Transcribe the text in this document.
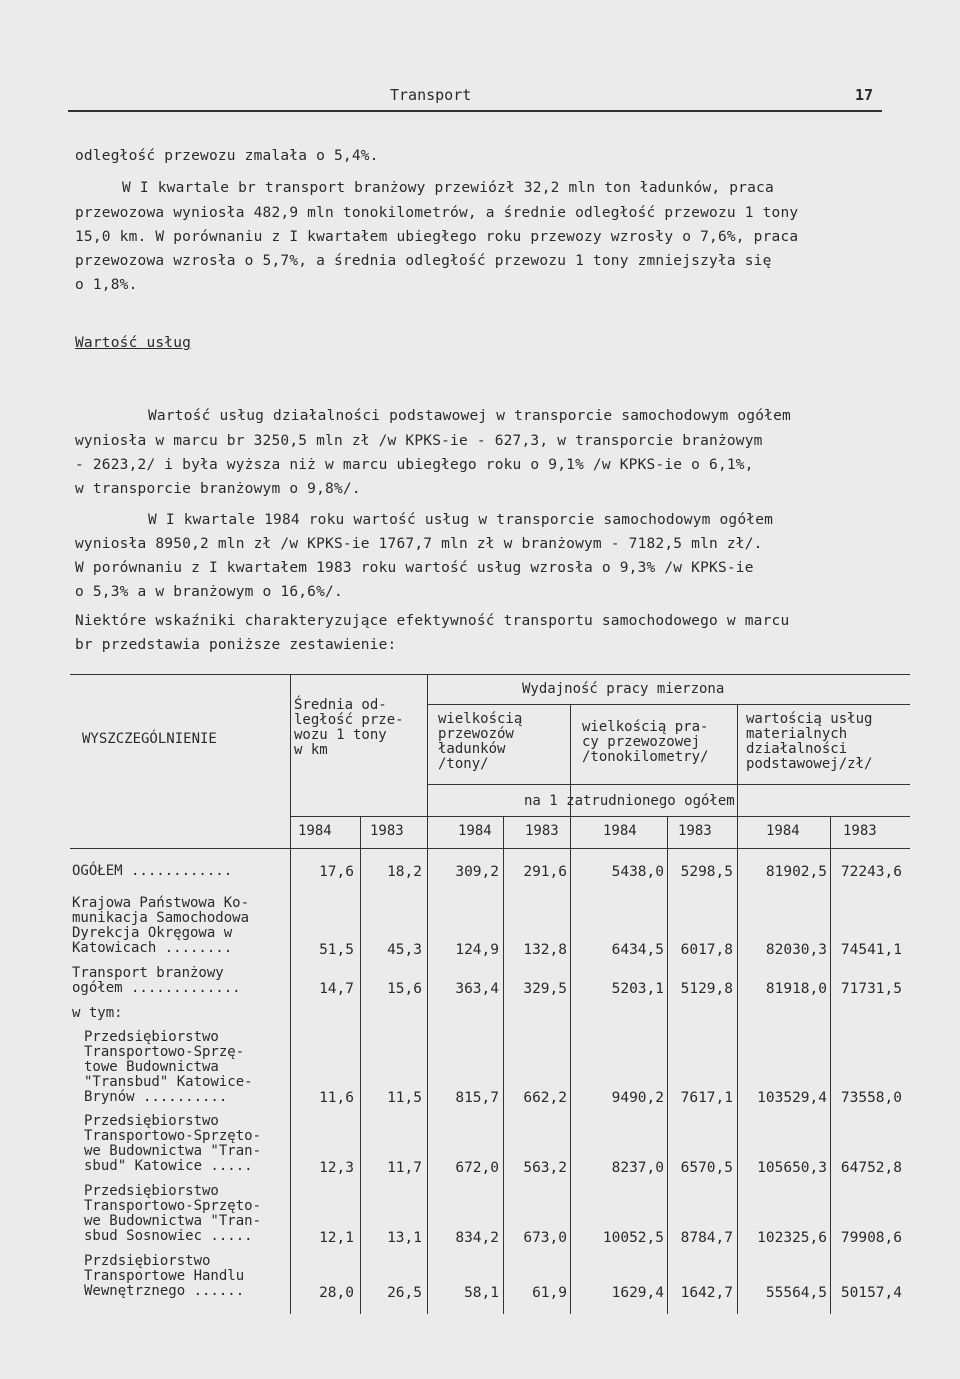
Transport	17
odległość przewozu zmalała o 5,4%.
W I kwartale br transport branżowy przewiózł 32,2 mln ton ładunków, praca
przewozowa wyniosła 482,9 mln tonokilometrów, a średnie odległość przewozu 1 tony
15,0 km. W porównaniu z I kwartałem ubiegłego roku przewozy wzrosły o 7,6%, praca
przewozowa wzrosła o 5,7%, a średnia odległość przewozu 1 tony zmniejszyła się
o 1,8%.
Wartość usług
Wartość usług działalności podstawowej w transporcie samochodowym ogółem
wyniosła w marcu br 3250,5 mln zł /w KPKS-ie - 627,3, w transporcie branżowym
- 2623,2/ i była wyższa niż w marcu ubiegłego roku o 9,1% /w KPKS-ie o 6,1%,
w transporcie branżowym o 9,8%/.
W I kwartale 1984 roku wartość usług w transporcie samochodowym ogółem
wyniosła 8950,2 mln zł /w KPKS-ie 1767,7 mln zł w branżowym - 7182,5 mln zł/.
W porównaniu z I kwartałem 1983 roku wartość usług wzrosła o 9,3% /w KPKS-ie
o 5,3% a w branżowym o 16,6%/.
Niektóre wskaźniki charakteryzujące efektywność transportu samochodowego w marcu
br przedstawia poniższe zestawienie:
WYSZCZEGÓLNIENIE
Średnia od-
ległość prze-
wozu 1 tony
w km
Wydajność pracy mierzona
wielkością
przewozów
ładunków
/tony/
wielkością pra-
cy przewozowej
/tonokilometry/
wartością usług
materialnych
działalności
podstawowej/zł/
na 1 zatrudnionego ogółem
1984	1983	1984 1983	1984	1983	1984	1983
OGÓŁEM ............	17,6	18,2	309,2	291,6	5438,0	5298,5	81902,5 72243,6
Krajowa Państwowa Ko-
munikacja Samochodowa
Dyrekcja Okręgowa w
Katowicach ........	51,5	45,3	124,9	132,8	6434,5	6017,8	82030,3 74541,1
Transport branżowy
ogółem .............	14,7	15,6	363,4	329,5	5203,1	5129,8	81918,0 71731,5
w tym:
Przedsiębiorstwo
Transportowo-Sprzę-
towe Budownictwa
"Transbud" Katowice-
Brynów ..........	11,6	11,5	815,7	662,2	9490,2	7617,1	103529,4 73558,0
Przedsiębiorstwo
Transportowo-Sprzęto-
we Budownictwa "Tran-
sbud" Katowice .....	12,3	11,7	672,0	563,2	8237,0	6570,5	105650,3 64752,8
Przedsiębiorstwo
Transportowo-Sprzęto-
we Budownictwa "Tran-
sbud Sosnowiec .....	12,1	13,1	834,2	673,0	10052,5	8784,7	102325,6 79908,6
Przdsiębiorstwo
Transportowe Handlu
Wewnętrznego ......	28,0	26,5	58,1	61,9	1629,4	1642,7	55564,5 50157,4
